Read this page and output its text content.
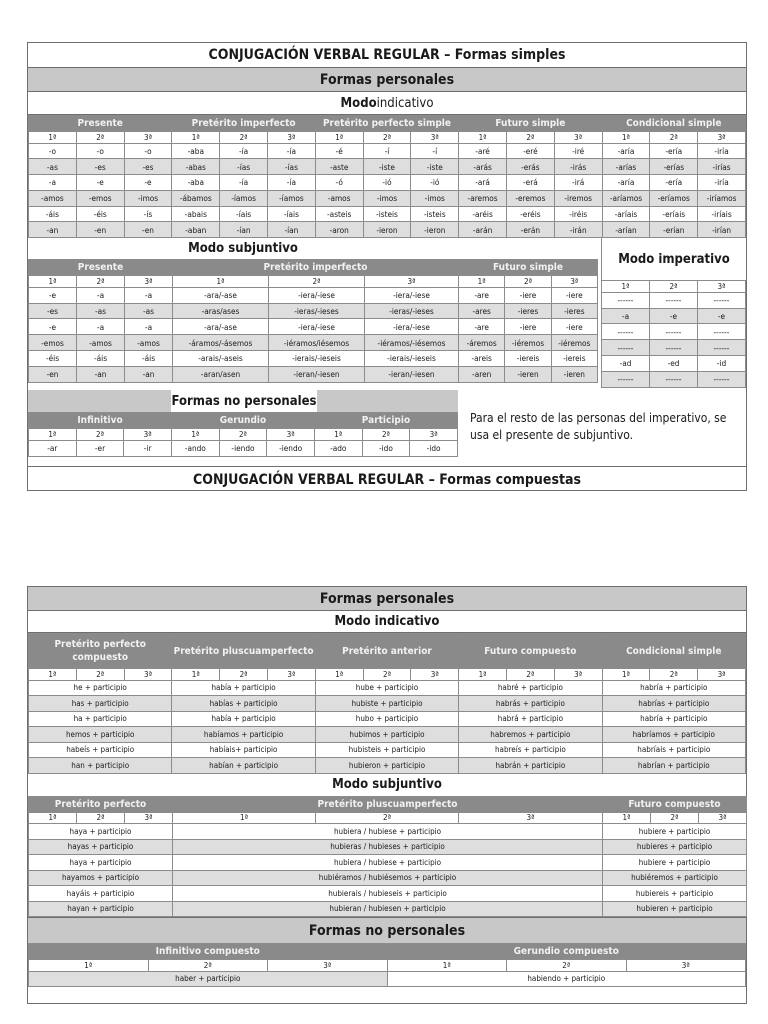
CONJUGACIÓN VERBAL REGULAR – Formas simples
Formas personales
Modo indicativo
Presente			Pretérito imperfecto			Pretérito perfecto simple			Futuro simple			Condicional simple		
1ª	2ª	3ª	1ª	2ª	3ª	1ª	2ª	3ª	1ª	2ª	3ª	1ª	2ª	3ª
-o	-o	-o	-aba	-ía	-ía	-é	-í	-í	-aré	-eré	-iré	-aría	-ería	-iría
-as	-es	-es	-abas	-ías	-ías	-aste	-iste	-iste	-arás	-erás	-irás	-arías	-erías	-irías
-a	-e	-e	-aba	-ía	-ía	-ó	-ió	-ió	-ará	-erá	-irá	-aría	-ería	-iría
-amos	-emos	-imos	-ábamos	-íamos	-íamos	-amos	-imos	-imos	-aremos	-eremos	-iremos	-aríamos	-eríamos	-iríamos
-áis	-éis	-ís	-abais	-íais	-íais	-asteis	-isteis	-isteis	-aréis	-eréis	-iréis	-aríais	-eríais	-iríais
-an	-en	-en	-aban	-ían	-ían	-aron	-ieron	-ieron	-arán	-erán	-irán	-arían	-erían	-irían
Modo subjuntivo
Presente			Pretérito imperfecto		
1ª	2ª	3ª	1ª	2ª	3ª
-e	-a	-a	-ara/-ase	-iera/-iese	-iera/-iese
-es	-as	-as	-aras/ases	-ieras/-ieses	-ieras/-ieses
-e	-a	-a	-ara/-ase	-iera/-iese	-iera/-iese
-emos	-amos	-amos	-áramos/-ásemos	-iéramos/iésemos	-iéramos/-iésemos
-éis	-áis	-áis	-arais/-aseis	-ierais/-ieseis	-ierais/-ieseis
-en	-an	-an	-aran/asen	-ieran/-iesen	-ieran/-iesen
Futuro simple		
1ª	2ª	3ª
-are	-iere	-iere
-ares	-ieres	-ieres
-are	-iere	-iere
-áremos	-iéremos	-iéremos
-areis	-iereis	-iereis
-aren	-ieren	-ieren
Modo imperativo
1ª	2ª	3ª
------	------	------
-a	-e	-e
------	------	------
------	------	------
-ad	-ed	-id
------	------	------
Formas no personales
Infinitivo			Gerundio			Participio		
1ª	2ª	3ª	1ª	2ª	3ª	1ª	2ª	3ª
-ar	-er	-ir	-ando	-iendo	-iendo	-ado	-ido	-ido
Para el resto de las personas del imperativo, se usa el presente de subjuntivo.
CONJUGACIÓN VERBAL REGULAR – Formas compuestas
Formas personales
Modo indicativo
Pretérito perfecto compuesto			Pretérito pluscuamperfecto			Pretérito anterior			Futuro compuesto			Condicional simple		
1ª	2ª	3ª	1ª	2ª	3ª	1ª	2ª	3ª	1ª	2ª	3ª	1ª	2ª	3ª
he + participio			había + participio			hube + participio			habré + participio			habría + participio		
has + participio			habías + participio			hubiste + participio			habrás + participio			habrías + participio		
ha + participio			había + participio			hubo + participio			habrá + participio			habría + participio		
hemos + participio			habíamos + participio			hubimos + participio			habremos + participio			habríamos + participio		
habeís + participio			habíais+ participio			hubisteis + participio			habreís + participio			habríais + participio		
han + participio			habían + participio			hubieron + participio			habrán + participio			habrían + participio		
Modo subjuntivo
Pretérito perfecto			Pretérito pluscuamperfecto			Futuro compuesto		
1ª	2ª	3ª	1ª	2ª	3ª	1ª	2ª	3ª
haya + participio			hubiera / hubiese + participio			hubiere + participio		
hayas + participio			hubieras / hubieses + participio			hubieres + participio		
haya + participio			hubiera / hubiese + participio			hubiere + participio		
hayamos + participio			hubiéramos / hubiésemos + participio			hubiéremos + participio		
hayáis + participio			hubierais / hubieseis + participio			hubiereis + participio		
hayan + participio			hubieran / hubiesen + participio			hubieren + participio		
Formas no personales
Infinitivo compuesto			Gerundio compuesto		
1ª	2ª	3ª	1ª	2ª	3ª
haber + participio			habiendo + participio		
